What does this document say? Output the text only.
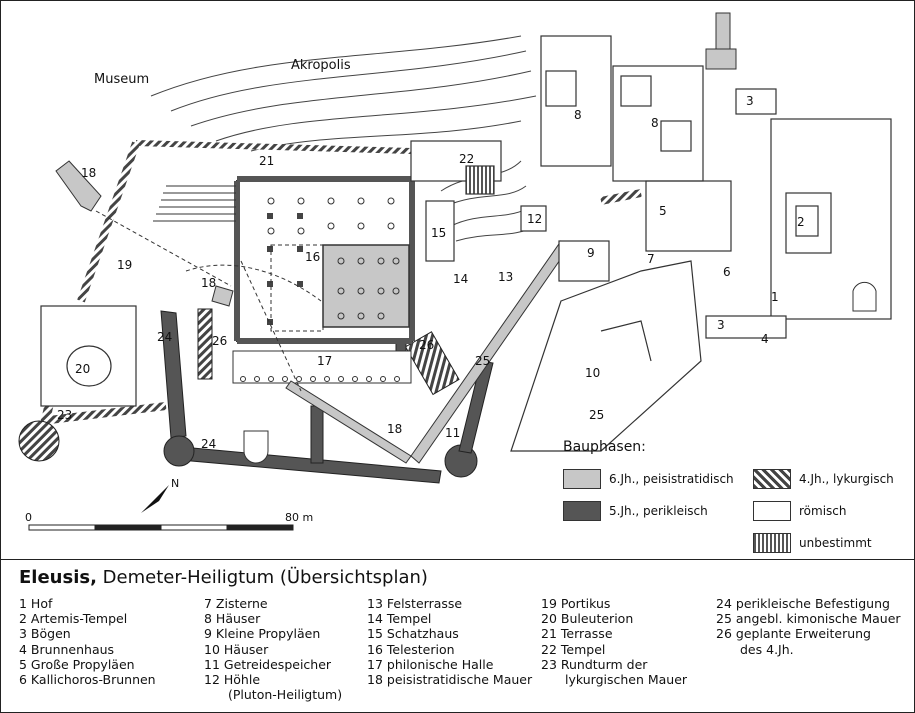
N
0	80 m
Museum
Akropolis
1
2
3
3
4
5
6
7
8
8
9
10
11
12
13
14
15
16
17
18
18
18
19
20
21	22
23
24
24
25
25
26	26
Bauphasen:
6.Jh., peisistratidisch	4.Jh., lykurgisch
5.Jh., perikleisch	römisch
unbestimmt
Eleusis, Demeter-Heiligtum (Übersichtsplan)
1 Hof
2 Artemis-Tempel
3 Bögen
4 Brunnenhaus
5 Große Propyläen
6 Kallichoros-Brunnen
7 Zisterne
8 Häuser
9 Kleine Propyläen
10 Häuser
11 Getreidespeicher
12 Höhle
(Pluton-Heiligtum)
13 Felsterrasse
14 Tempel
15 Schatzhaus
16 Telesterion
17 philonische Halle
18 peisistratidische Mauer
19 Portikus
20 Buleuterion
21 Terrasse
22 Tempel
23 Rundturm der
lykurgischen Mauer
24 perikleische Befestigung
25 angebl. kimonische Mauer
26 geplante Erweiterung
des 4.Jh.
